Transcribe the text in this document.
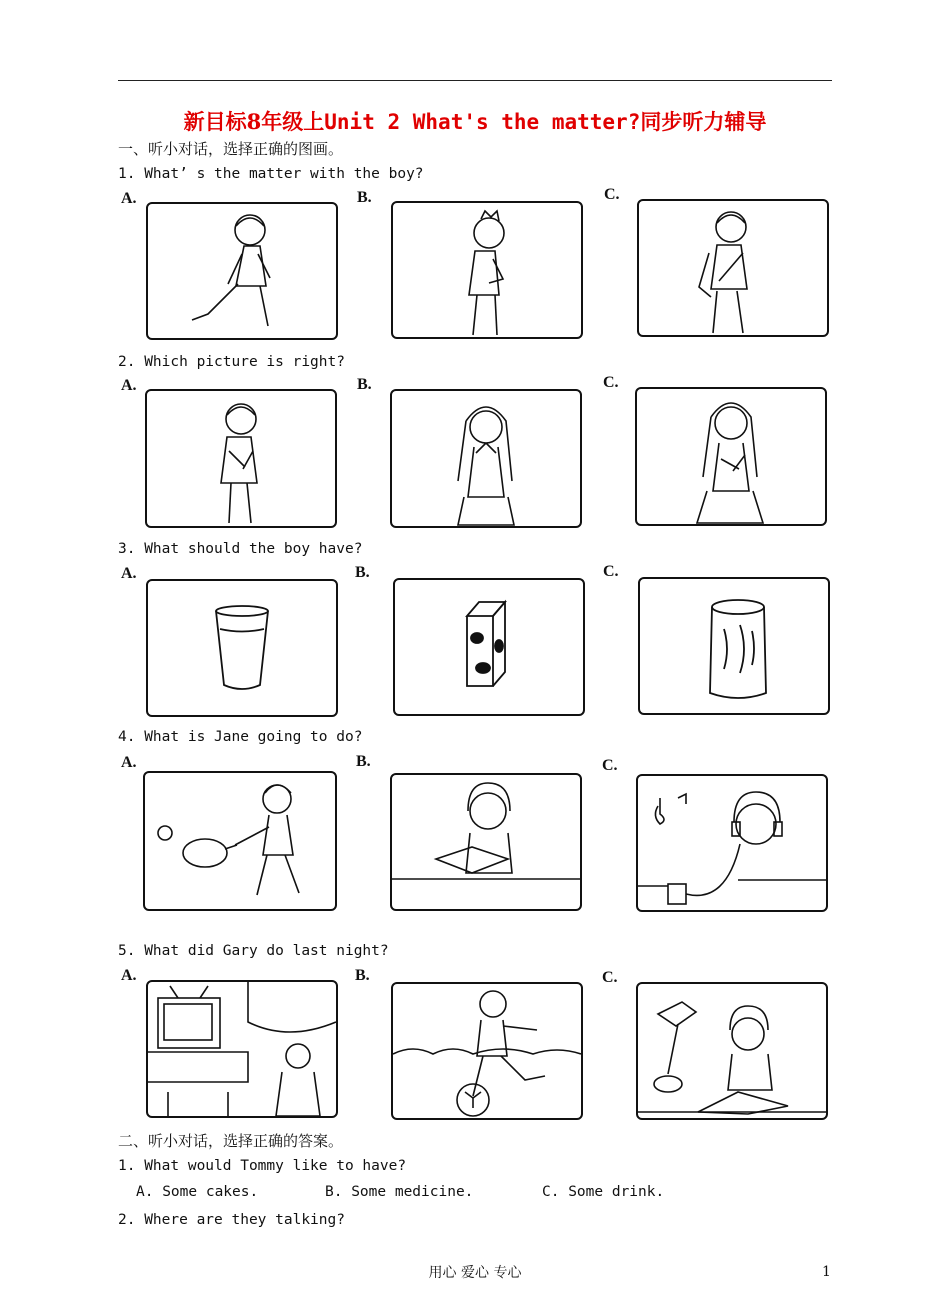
新目标8年级上Unit 2 What's the matter?同步听力辅导
一、听小对话，选择正确的图画。
1. What’ s the matter with the boy?
A.	B.	C.
2. Which picture is right?
A.	B.	C.
3. What should the boy have?
A.	B.	C.
4. What is Jane going to do?
A.	B.	C.
5. What did Gary do last night?
A.	B.	C.
二、听小对话，选择正确的答案。
1. What would Tommy like to have?
A. Some cakes.	B. Some medicine.	C. Some drink.
2. Where are they talking?
用心 爱心 专心	1
